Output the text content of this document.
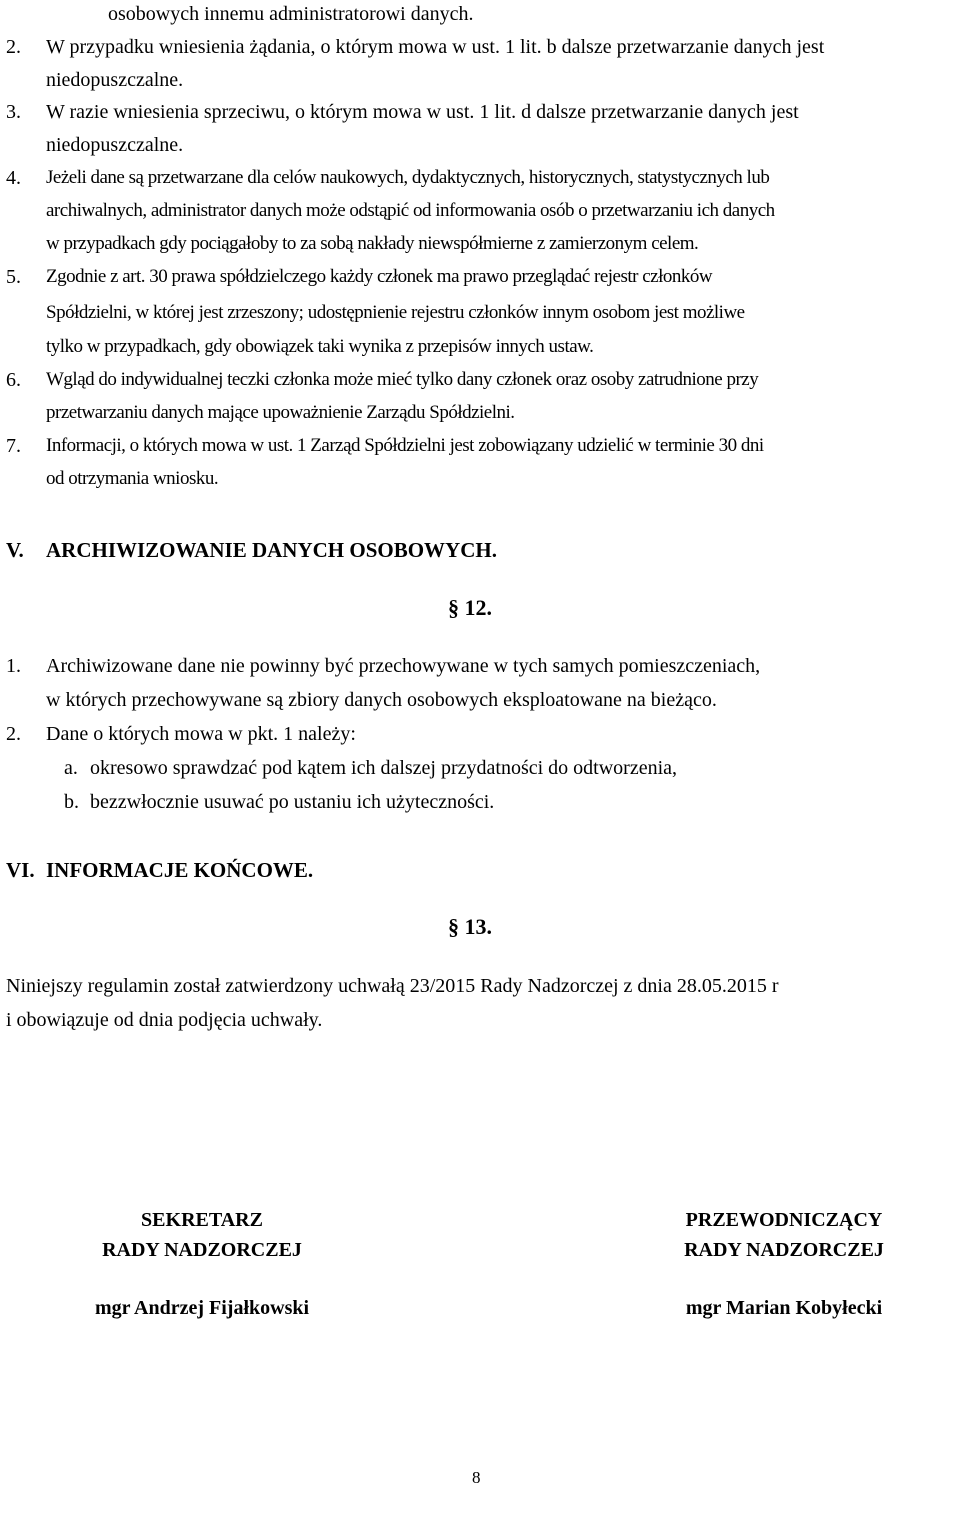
osobowych innemu administratorowi danych.
2. W przypadku wniesienia żądania, o którym mowa w ust. 1 lit. b dalsze przetwarzanie danych jest
niedopuszczalne.
3. W razie wniesienia sprzeciwu, o którym mowa w ust. 1 lit. d dalsze przetwarzanie danych jest
niedopuszczalne.
4. Jeżeli dane są przetwarzane dla celów naukowych, dydaktycznych, historycznych, statystycznych lub
archiwalnych, administrator danych może odstąpić od informowania osób o przetwarzaniu ich danych
w przypadkach gdy pociągałoby to za sobą nakłady niewspółmierne z zamierzonym celem.
5. Zgodnie z art. 30 prawa spółdzielczego każdy członek ma prawo przeglądać rejestr członków
Spółdzielni, w której jest zrzeszony; udostępnienie rejestru członków innym osobom jest możliwe
tylko w przypadkach, gdy obowiązek taki wynika z przepisów innych ustaw.
6. Wgląd do indywidualnej teczki członka może mieć tylko dany członek oraz osoby zatrudnione przy
przetwarzaniu danych mające upoważnienie Zarządu Spółdzielni.
7. Informacji, o których mowa w ust. 1 Zarząd Spółdzielni jest zobowiązany udzielić w terminie 30 dni
od otrzymania wniosku.
V. ARCHIWIZOWANIE DANYCH OSOBOWYCH.
§ 12.
1. Archiwizowane dane nie powinny być przechowywane w tych samych pomieszczeniach,
w których przechowywane są zbiory danych osobowych eksploatowane na bieżąco.
2. Dane o których mowa w pkt. 1 należy:
a. okresowo sprawdzać pod kątem ich dalszej przydatności do odtworzenia,
b. bezzwłocznie usuwać po ustaniu ich użyteczności.
VI. INFORMACJE KOŃCOWE.
§ 13.
Niniejszy regulamin został zatwierdzony uchwałą 23/2015 Rady Nadzorczej z dnia 28.05.2015 r
i obowiązuje od dnia podjęcia uchwały.
SEKRETARZ
RADY NADZORCZEJ
mgr Andrzej Fijałkowski
PRZEWODNICZĄCY
RADY NADZORCZEJ
mgr Marian Kobyłecki
8
